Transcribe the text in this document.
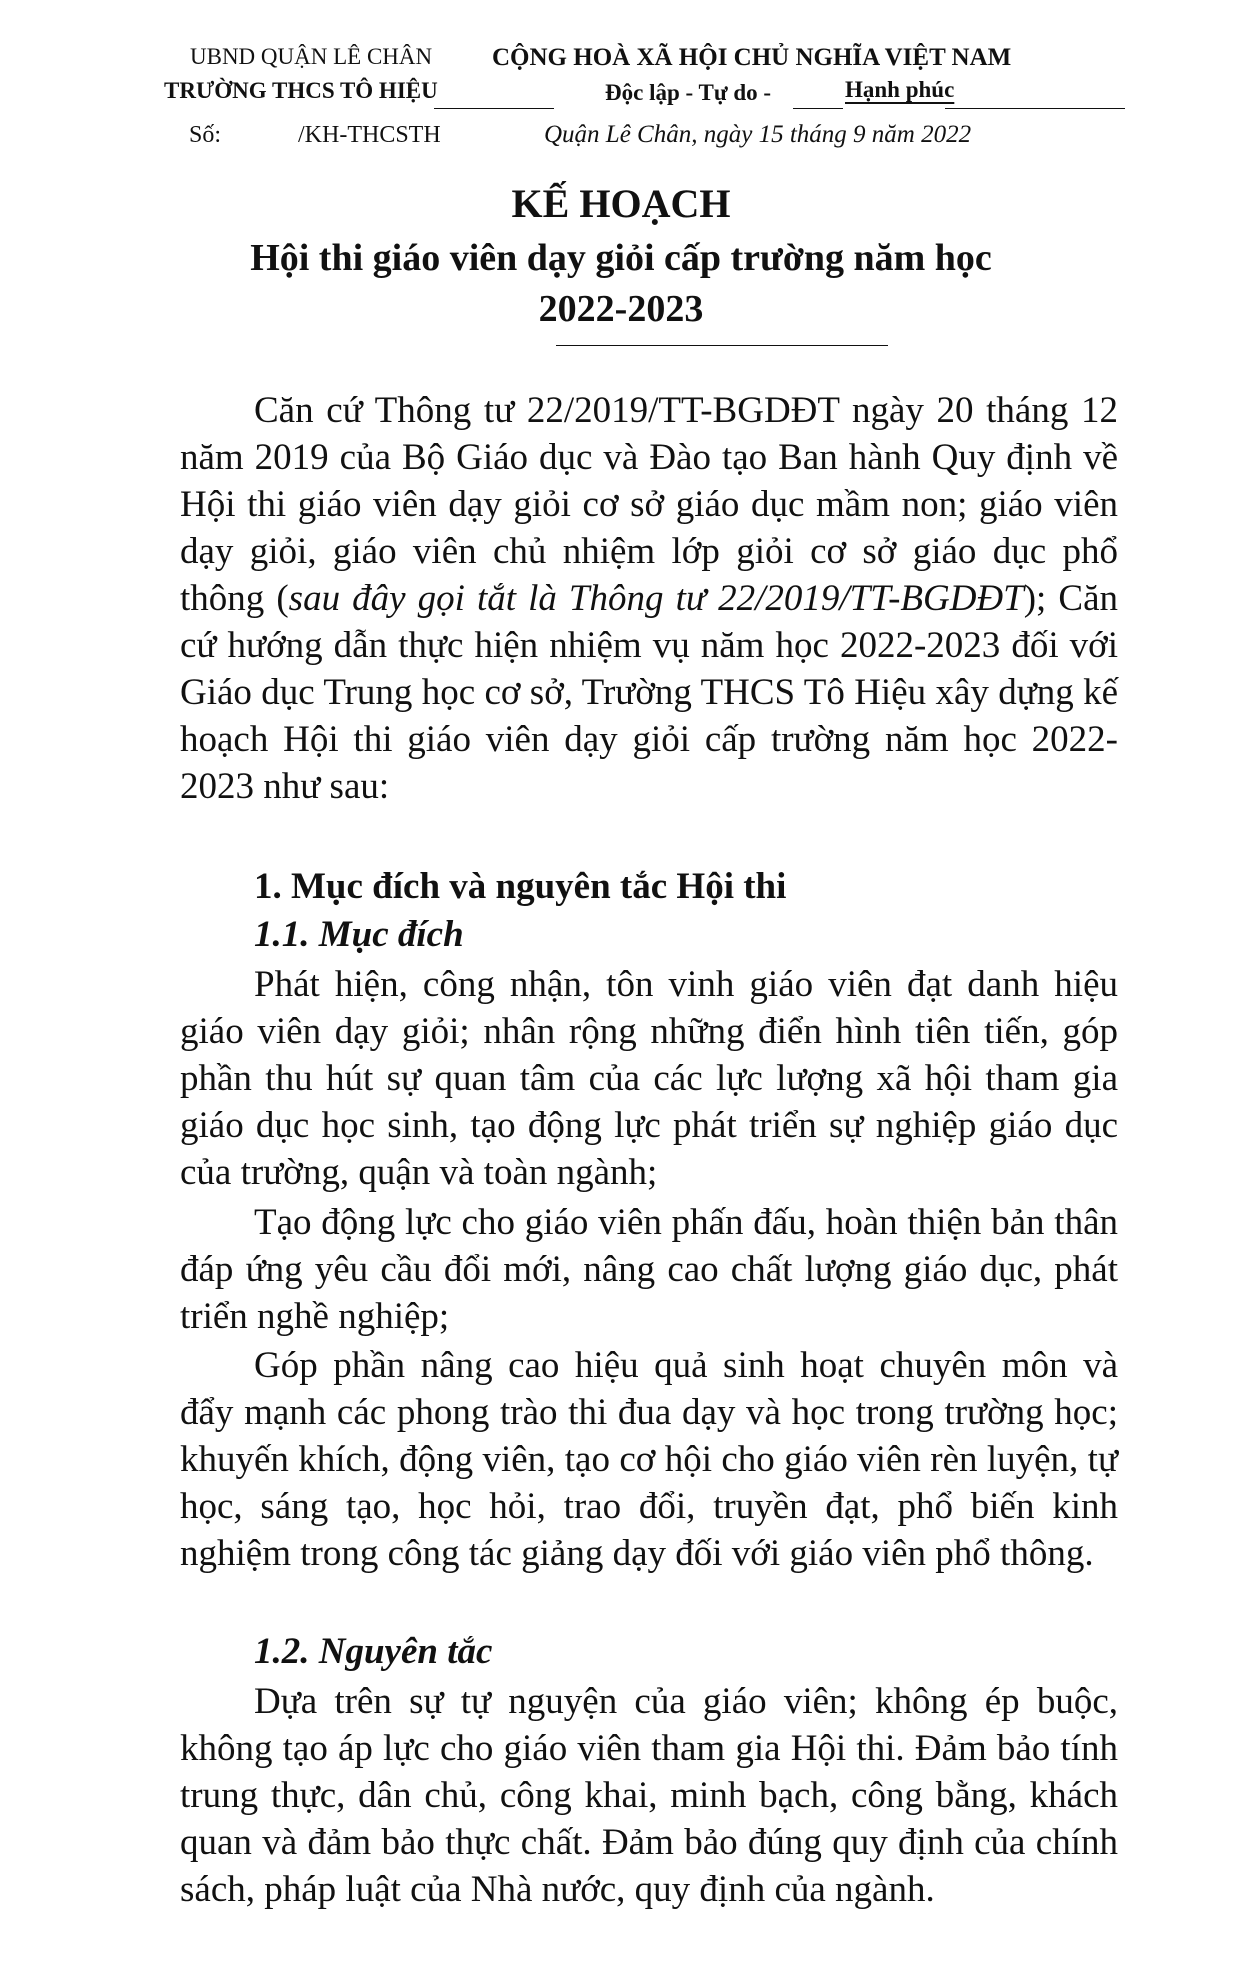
UBND QUẬN LÊ CHÂN
TRƯỜNG THCS TÔ HIỆU
CỘNG HOÀ XÃ HỘI CHỦ NGHĨA VIỆT NAM
Độc lập - Tự do -	Hạnh phúc
Số:	/KH-THCSTH	Quận Lê Chân, ngày 15 tháng 9 năm 2022
KẾ HOẠCH
Hội thi giáo viên dạy giỏi cấp trường năm học
2022-2023
Căn cứ Thông tư 22/2019/TT-BGDĐT ngày 20 tháng 12 năm 2019 của Bộ Giáo dục và Đào tạo Ban hành Quy định về Hội thi giáo viên dạy giỏi cơ sở giáo dục mầm non; giáo viên dạy giỏi, giáo viên chủ nhiệm lớp giỏi cơ sở giáo dục phổ thông (sau đây gọi tắt là Thông tư 22/2019/TT-BGDĐT); Căn cứ hướng dẫn thực hiện nhiệm vụ năm học 2022-2023 đối với Giáo dục Trung học cơ sở, Trường THCS Tô Hiệu xây dựng kế hoạch Hội thi giáo viên dạy giỏi cấp trường năm học 2022-2023 như sau:
1. Mục đích và nguyên tắc Hội thi
1.1. Mục đích
Phát hiện, công nhận, tôn vinh giáo viên đạt danh hiệu giáo viên dạy giỏi; nhân rộng những điển hình tiên tiến, góp phần thu hút sự quan tâm của các lực lượng xã hội tham gia giáo dục học sinh, tạo động lực phát triển sự nghiệp giáo dục của trường, quận và toàn ngành;
Tạo động lực cho giáo viên phấn đấu, hoàn thiện bản thân đáp ứng yêu cầu đổi mới, nâng cao chất lượng giáo dục, phát triển nghề nghiệp;
Góp phần nâng cao hiệu quả sinh hoạt chuyên môn và đẩy mạnh các phong trào thi đua dạy và học trong trường học; khuyến khích, động viên, tạo cơ hội cho giáo viên rèn luyện, tự học, sáng tạo, học hỏi, trao đổi, truyền đạt, phổ biến kinh nghiệm trong công tác giảng dạy đối với giáo viên phổ thông.
1.2. Nguyên tắc
Dựa trên sự tự nguyện của giáo viên; không ép buộc, không tạo áp lực cho giáo viên tham gia Hội thi. Đảm bảo tính trung thực, dân chủ, công khai, minh bạch, công bằng, khách quan và đảm bảo thực chất. Đảm bảo đúng quy định của chính sách, pháp luật của Nhà nước, quy định của ngành.
